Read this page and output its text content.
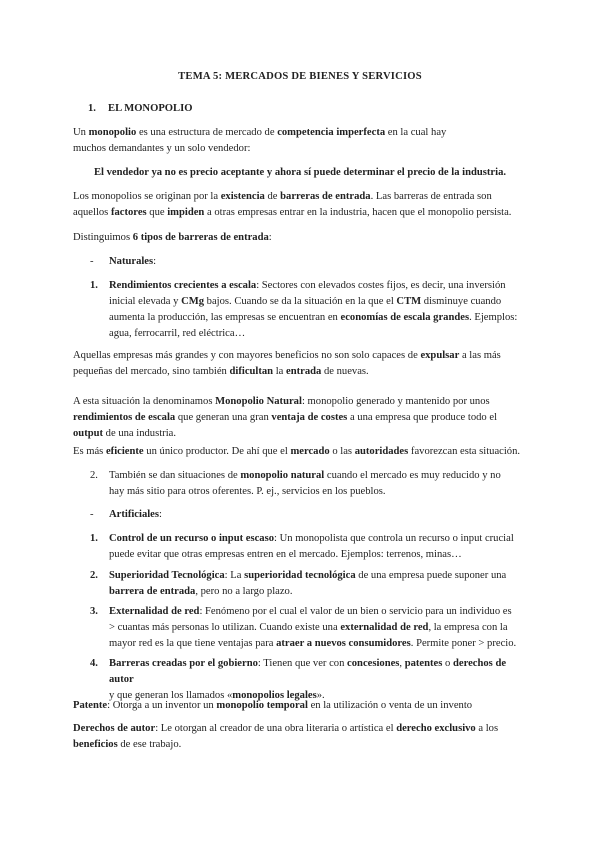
TEMA 5: MERCADOS DE BIENES Y SERVICIOS
1. EL MONOPOLIO
Un monopolio es una estructura de mercado de competencia imperfecta en la cual hay
muchos demandantes y un solo vendedor:
El vendedor ya no es precio aceptante y ahora sí puede determinar el precio de la industria.
Los monopolios se originan por la existencia de barreras de entrada. Las barreras de entrada son
aquellos factores que impiden a otras empresas entrar en la industria, hacen que el monopolio persista.
Distinguimos 6 tipos de barreras de entrada:
- Naturales:
1. Rendimientos crecientes a escala: Sectores con elevados costes fijos, es decir, una inversión
inicial elevada y CMg bajos. Cuando se da la situación en la que el CTM disminuye cuando
aumenta la producción, las empresas se encuentran en economías de escala grandes. Ejemplos:
agua, ferrocarril, red eléctrica…
Aquellas empresas más grandes y con mayores beneficios no son solo capaces de expulsar a las más
pequeñas del mercado, sino también dificultan la entrada de nuevas.
A esta situación la denominamos Monopolio Natural: monopolio generado y mantenido por unos
rendimientos de escala que generan una gran ventaja de costes a una empresa que produce todo el
output de una industria.
Es más eficiente un único productor. De ahí que el mercado o las autoridades favorezcan esta situación.
2. También se dan situaciones de monopolio natural cuando el mercado es muy reducido y no
hay más sitio para otros oferentes. P. ej., servicios en los pueblos.
- Artificiales:
1. Control de un recurso o input escaso: Un monopolista que controla un recurso o input crucial
puede evitar que otras empresas entren en el mercado. Ejemplos: terrenos, minas…
2. Superioridad Tecnológica: La superioridad tecnológica de una empresa puede suponer una
barrera de entrada, pero no a largo plazo.
3. Externalidad de red: Fenómeno por el cual el valor de un bien o servicio para un individuo es
> cuantas más personas lo utilizan. Cuando existe una externalidad de red, la empresa con la
mayor red es la que tiene ventajas para atraer a nuevos consumidores. Permite poner > precio.
4. Barreras creadas por el gobierno: Tienen que ver con concesiones, patentes o derechos de autor
y que generan los llamados «monopolios legales».
Patente: Otorga a un inventor un monopolio temporal en la utilización o venta de un invento
Derechos de autor: Le otorgan al creador de una obra literaria o artística el derecho exclusivo a los
beneficios de ese trabajo.
